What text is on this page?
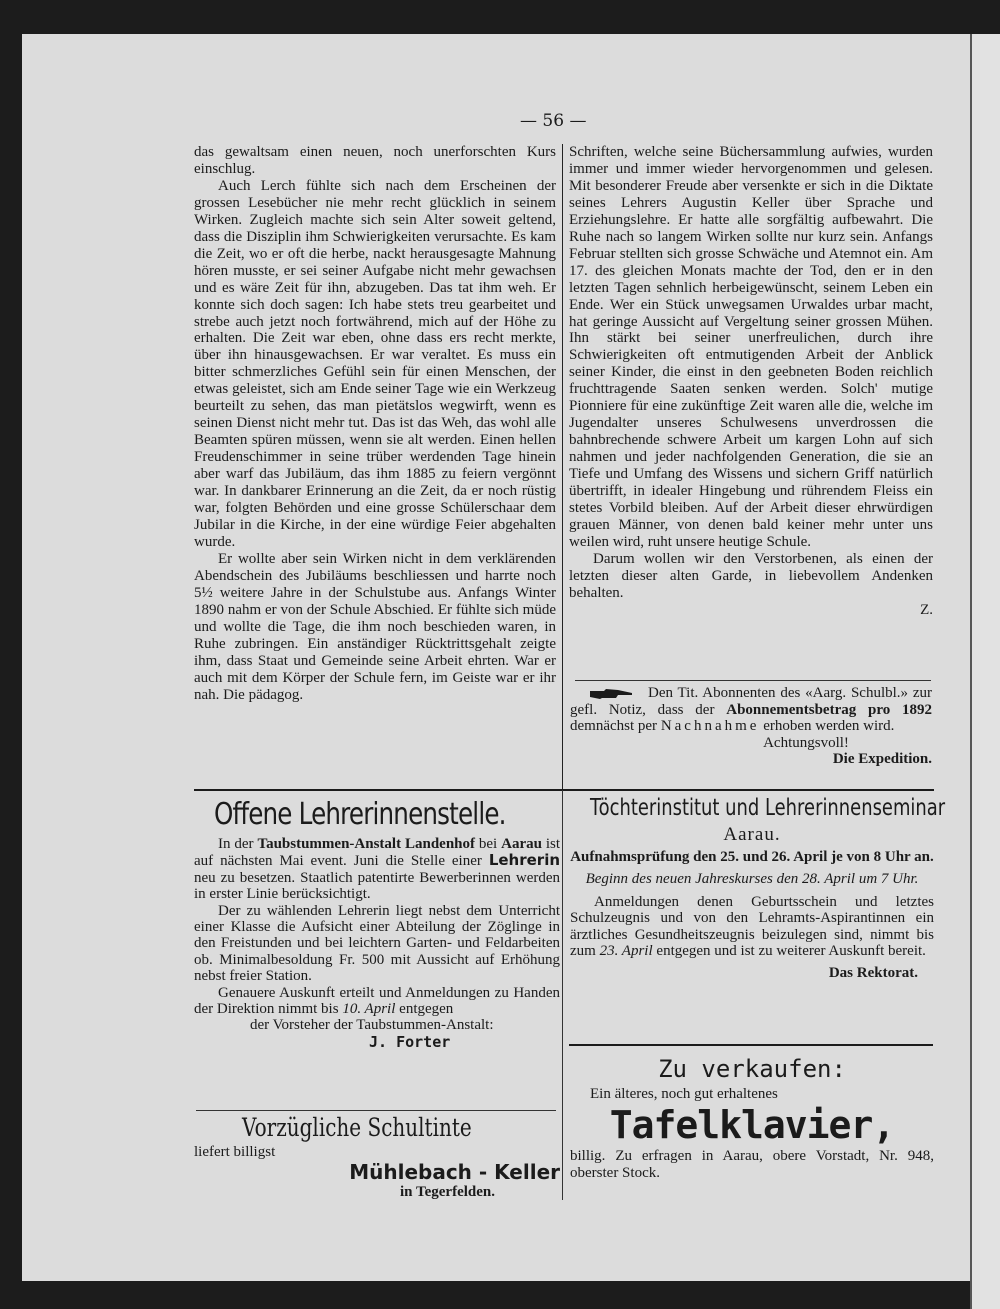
— 56 —

das gewaltsam einen neuen, noch unerforschten Kurs einschlug.

Auch Lerch fühlte sich nach dem Erscheinen der grossen Lesebücher nie mehr recht glücklich in seinem Wirken. Zugleich machte sich sein Alter soweit geltend, dass die Disziplin ihm Schwierigkeiten verursachte. Es kam die Zeit, wo er oft die herbe, nackt herausgesagte Mahnung hören musste, er sei seiner Aufgabe nicht mehr gewachsen und es wäre Zeit für ihn, abzugeben. Das tat ihm weh. Er konnte sich doch sagen: Ich habe stets treu gearbeitet und strebe auch jetzt noch fortwährend, mich auf der Höhe zu erhalten. Die Zeit war eben, ohne dass ers recht merkte, über ihn hinausgewachsen. Er war veraltet. Es muss ein bitter schmerzliches Gefühl sein für einen Menschen, der etwas geleistet, sich am Ende seiner Tage wie ein Werkzeug beurteilt zu sehen, das man pietätslos wegwirft, wenn es seinen Dienst nicht mehr tut. Das ist das Weh, das wohl alle Beamten spüren müssen, wenn sie alt werden. Einen hellen Freudenschimmer in seine trüber werdenden Tage hinein aber warf das Jubiläum, das ihm 1885 zu feiern vergönnt war. In dankbarer Erinnerung an die Zeit, da er noch rüstig war, folgten Behörden und eine grosse Schülerschaar dem Jubilar in die Kirche, in der eine würdige Feier abgehalten wurde.

Er wollte aber sein Wirken nicht in dem verklärenden Abendschein des Jubiläums beschliessen und harrte noch 5½ weitere Jahre in der Schulstube aus. Anfangs Winter 1890 nahm er von der Schule Abschied. Er fühlte sich müde und wollte die Tage, die ihm noch beschieden waren, in Ruhe zubringen. Ein anständiger Rücktrittsgehalt zeigte ihm, dass Staat und Gemeinde seine Arbeit ehrten. War er auch mit dem Körper der Schule fern, im Geiste war er ihr nah. Die pädagog.

Schriften, welche seine Büchersammlung aufwies, wurden immer und immer wieder hervorgenommen und gelesen. Mit besonderer Freude aber versenkte er sich in die Diktate seines Lehrers Augustin Keller über Sprache und Erziehungslehre. Er hatte alle sorgfältig aufbewahrt. Die Ruhe nach so langem Wirken sollte nur kurz sein. Anfangs Februar stellten sich grosse Schwäche und Atemnot ein. Am 17. des gleichen Monats machte der Tod, den er in den letzten Tagen sehnlich herbeigewünscht, seinem Leben ein Ende. Wer ein Stück unwegsamen Urwaldes urbar macht, hat geringe Aussicht auf Vergeltung seiner grossen Mühen. Ihn stärkt bei seiner unerfreulichen, durch ihre Schwierigkeiten oft entmutigenden Arbeit der Anblick seiner Kinder, die einst in den geebneten Boden reichlich fruchttragende Saaten senken werden. Solch' mutige Pionniere für eine zukünftige Zeit waren alle die, welche im Jugendalter unseres Schulwesens unverdrossen die bahnbrechende schwere Arbeit um kargen Lohn auf sich nahmen und jeder nachfolgenden Generation, die sie an Tiefe und Umfang des Wissens und sichern Griff natürlich übertrifft, in idealer Hingebung und rührendem Fleiss ein stetes Vorbild bleiben. Auf der Arbeit dieser ehrwürdigen grauen Männer, von denen bald keiner mehr unter uns weilen wird, ruht unsere heutige Schule.

Darum wollen wir den Verstorbenen, als einen der letzten dieser alten Garde, in liebevollem Andenken behalten.

Z.

Den Tit. Abonnenten des «Aarg. Schulbl.» zur gefl. Notiz, dass der Abonnementsbetrag pro 1892 demnächst per Nachnahme erhoben werden wird.

Achtungsvoll!

Die Expedition.

Offene Lehrerinnenstelle.

In der Taubstummen-Anstalt Landenhof bei Aarau ist auf nächsten Mai event. Juni die Stelle einer Lehrerin neu zu besetzen. Staatlich patentirte Bewerberinnen werden in erster Linie berücksichtigt.

Der zu wählenden Lehrerin liegt nebst dem Unterricht einer Klasse die Aufsicht einer Abteilung der Zöglinge in den Freistunden und bei leichtern Garten- und Feldarbeiten ob. Minimalbesoldung Fr. 500 mit Aussicht auf Erhöhung nebst freier Station.

Genauere Auskunft erteilt und Anmeldungen zu Handen der Direktion nimmt bis 10. April entgegen

der Vorsteher der Taubstummen-Anstalt:

J. Forter

Vorzügliche Schultinte

liefert billigst

Mühlebach - Keller

in Tegerfelden.

Töchterinstitut und Lehrerinnenseminar

Aarau.

Aufnahmsprüfung den 25. und 26. April je von 8 Uhr an.

Beginn des neuen Jahreskurses den 28. April um 7 Uhr.

Anmeldungen denen Geburtsschein und letztes Schulzeugnis und von den Lehramts-Aspirantinnen ein ärztliches Gesundheitszeugnis beizulegen sind, nimmt bis zum 23. April entgegen und ist zu weiterer Auskunft bereit.

Das Rektorat.

Zu verkaufen:

Ein älteres, noch gut erhaltenes

Tafelklavier,

billig. Zu erfragen in Aarau, obere Vorstadt, Nr. 948, oberster Stock.
